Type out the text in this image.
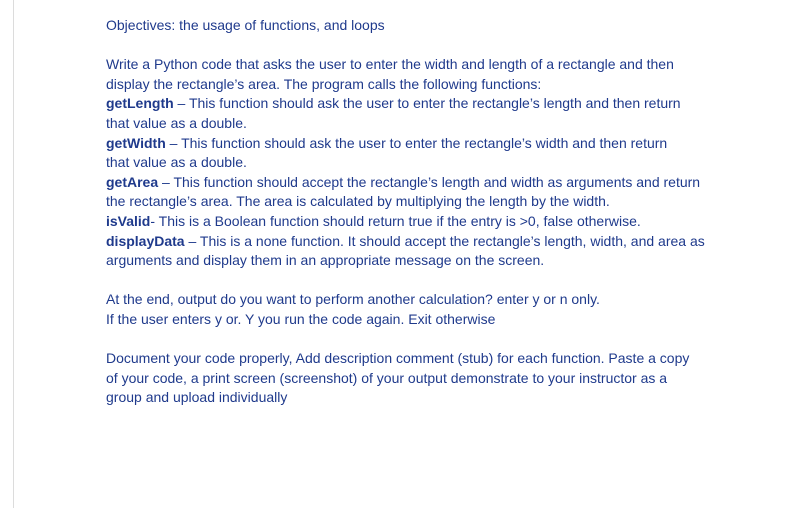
Objectives: the usage of functions, and loops
Write a Python code that asks the user to enter the width and length of a rectangle and then
display the rectangle’s area. The program calls the following functions:
getLength – This function should ask the user to enter the rectangle’s length and then return
that value as a double.
getWidth – This function should ask the user to enter the rectangle’s width and then return
that value as a double.
getArea – This function should accept the rectangle’s length and width as arguments and return
the rectangle’s area. The area is calculated by multiplying the length by the width.
isValid- This is a Boolean function should return true if the entry is >0, false otherwise.
displayData – This is a none function. It should accept the rectangle’s length, width, and area as
arguments and display them in an appropriate message on the screen.
At the end, output do you want to perform another calculation? enter y or n only.
If the user enters y or. Y you run the code again. Exit otherwise
Document your code properly, Add description comment (stub) for each function. Paste a copy
of your code, a print screen (screenshot) of your output demonstrate to your instructor as a
group and upload individually
